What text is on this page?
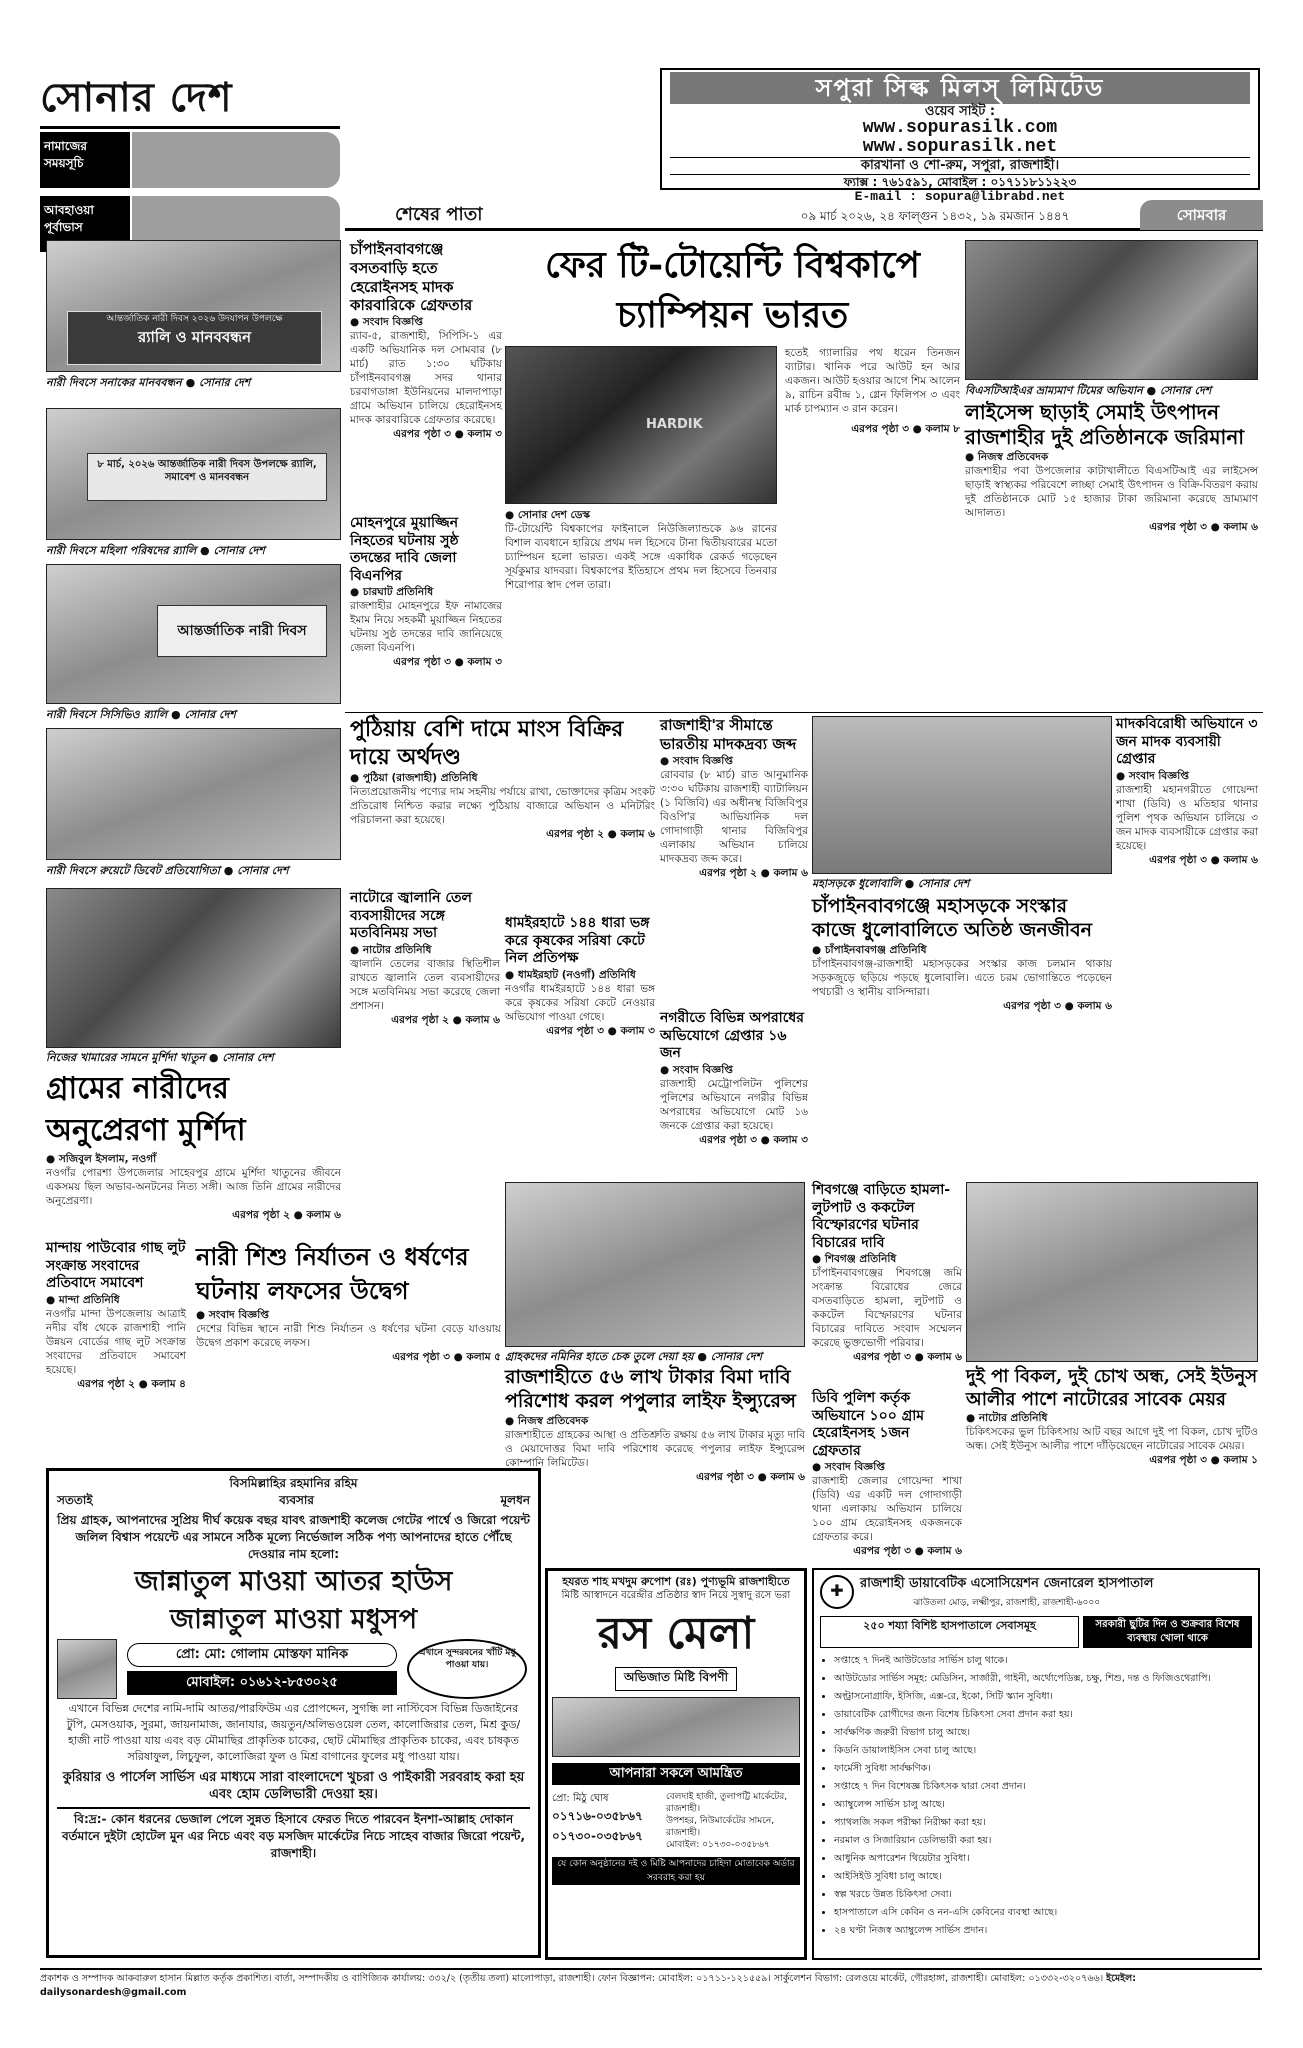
সোনার দেশ
নামাজের সময়সূচি
আবহাওয়া পূর্বাভাস
সপুরা সিল্ক মিলস্ লিমিটেড
ওয়েব সাইট :
www.sopurasilk.com
www.sopurasilk.net
কারখানা ও শো-রুম, সপুরা, রাজশাহী।
ফ্যাক্স : ৭৬১৫৯১, মোবাইল : ০১৭১১৮১১২২৩
E-mail : sopura@librabd.net
শেষের পাতা	০৯ মার্চ ২০২৬, ২৪ ফাল্গুন ১৪৩২, ১৯ রমজান ১৪৪৭	সোমবার
আন্তর্জাতিক নারী দিবস ২০২৬ উদযাপন উপলক্ষে
র‌্যালি ও মানববন্ধন
নারী দিবসে সনাকের মানববন্ধন ● সোনার দেশ
৮ মার্চ, ২০২৬ আন্তর্জাতিক নারী দিবস উপলক্ষে র‌্যালি, সমাবেশ ও মানববন্ধন
নারী দিবসে মহিলা পরিষদের র‌্যালি ● সোনার দেশ
আন্তর্জাতিক নারী দিবস
নারী দিবসে সিসিভিও র‌্যালি ● সোনার দেশ
নারী দিবসে রুয়েটে ডিবেট প্রতিযোগিতা ● সোনার দেশ
নিজের খামারের সামনে মুর্শিদা খাতুন ● সোনার দেশ
চাঁপাইনবাবগঞ্জে বসতবাড়ি হতে হেরোইনসহ মাদক কারবারিকে গ্রেফতার
● সংবাদ বিজ্ঞপ্তি
র‌্যাব-৫, রাজশাহী, সিপিসি-১ এর একটি অভিযানিক দল সোমবার (৮ মার্চ) রাত ১:৩০ ঘটিকায় চাঁপাইনবাবগঞ্জ সদর থানার চরবাগডাঙ্গা ইউনিয়নের মালদাপাড়া গ্রামে অভিযান চালিয়ে হেরোইনসহ মাদক কারবারিকে গ্রেফতার করেছে।
এরপর পৃষ্ঠা ৩ ● কলাম ৩
মোহনপুরে মুয়াজ্জিন নিহতের ঘটনায় সুষ্ঠ তদন্তের দাবি জেলা বিএনপির
● চারঘাট প্রতিনিধি
রাজশাহীর মোহনপুরে ইফ নামাজের ইমাম নিয়ে সহকর্মী মুয়াজ্জিন নিহতের ঘটনায় সুষ্ঠ তদন্তের দাবি জানিয়েছে জেলা বিএনপি।
এরপর পৃষ্ঠা ৩ ● কলাম ৩
ফের টি-টোয়েন্টি বিশ্বকাপে
চ্যাম্পিয়ন ভারত
HARDIK
● সোনার দেশ ডেস্ক
টি-টোয়েন্টি বিশ্বকাপের ফাইনালে নিউজিল্যান্ডকে ৯৬ রানের বিশাল ব্যবধানে হারিয়ে প্রথম দল হিসেবে টানা দ্বিতীয়বারের মতো চ্যাম্পিয়ন হলো ভারত। একই সঙ্গে একাধিক রেকর্ড গড়েছেন সূর্যকুমার যাদবরা। বিশ্বকাপের ইতিহাসে প্রথম দল হিসেবে তিনবার শিরোপার স্বাদ পেল তারা।
হতেই গ্যালারির পথ ধরেন তিনজন ব্যাটার। খানিক পরে আউট হন আর একজন। আউট হওয়ার আগে শিম আলেন ৯, রাচিন রবীন্দ্র ১, গ্লেন ফিলিপস ৩ এবং মার্ক চাপম্যান ৩ রান করেন।
এরপর পৃষ্ঠা ৩ ● কলাম ৮
বিএসটিআইএর ভ্রাম্যমাণ টিমের অভিযান ● সোনার দেশ
লাইসেন্স ছাড়াই সেমাই উৎপাদন
রাজশাহীর দুই প্রতিষ্ঠানকে জরিমানা
● নিজস্ব প্রতিবেদক
রাজশাহীর পবা উপজেলার কাটাখালীতে বিএসটিআই এর লাইসেন্স ছাড়াই স্বাস্থ্যকর পরিবেশে লাচ্ছা সেমাই উৎপাদন ও বিক্রি-বিতরণ করায় দুই প্রতিষ্ঠানকে মোট ১৫ হাজার টাকা জরিমানা করেছে ভ্রাম্যমাণ আদালত।
এরপর পৃষ্ঠা ৩ ● কলাম ৬
পুঠিয়ায় বেশি দামে মাংস বিক্রির দায়ে অর্থদণ্ড
● পুঠিয়া (রাজশাহী) প্রতিনিধি
নিত্যপ্রয়োজনীয় পণ্যের দাম সহনীয় পর্যায়ে রাখা, ভোক্তাদের কৃত্রিম সংকট প্রতিরোধ নিশ্চিত করার লক্ষ্যে পুঠিয়ায় বাজারে অভিযান ও মনিটরিং পরিচালনা করা হয়েছে।
এরপর পৃষ্ঠা ২ ● কলাম ৬
রাজশাহী'র সীমান্তে ভারতীয় মাদকদ্রব্য জব্দ
● সংবাদ বিজ্ঞপ্তি
রোববার (৮ মার্চ) রাত আনুমানিক ৩:৩০ ঘটিকায় রাজশাহী ব্যাটালিয়ন (১ বিজিবি) এর অধীনস্থ বিজিবিপুর বিওপি'র আভিযানিক দল গোদাগাড়ী থানার বিজিবিপুর এলাকায় অভিযান চালিয়ে মাদকদ্রব্য জব্দ করে।
এরপর পৃষ্ঠা ২ ● কলাম ৬
মহাসড়কে ধুলোবালি ● সোনার দেশ
চাঁপাইনবাবগঞ্জে মহাসড়কে সংস্কার কাজে ধুলোবালিতে অতিষ্ঠ জনজীবন
● চাঁপাইনবাবগঞ্জ প্রতিনিধি
চাঁপাইনবাবগঞ্জ-রাজশাহী মহাসড়কের সংস্কার কাজ চলমান থাকায় সড়কজুড়ে ছড়িয়ে পড়ছে ধুলোবালি। এতে চরম ভোগান্তিতে পড়েছেন পথচারী ও স্থানীয় বাসিন্দারা।
এরপর পৃষ্ঠা ৩ ● কলাম ৬
মাদকবিরোধী অভিযানে ৩ জন মাদক ব্যবসায়ী গ্রেপ্তার
● সংবাদ বিজ্ঞপ্তি
রাজশাহী মহানগরীতে গোয়েন্দা শাখা (ডিবি) ও মতিহার থানার পুলিশ পৃথক অভিযান চালিয়ে ৩ জন মাদক ব্যবসায়ীকে গ্রেপ্তার করা হয়েছে।
এরপর পৃষ্ঠা ৩ ● কলাম ৬
নাটোরে জ্বালানি তেল ব্যবসায়ীদের সঙ্গে মতবিনিময় সভা
● নাটোর প্রতিনিধি
জ্বালানি তেলের বাজার স্থিতিশীল রাখতে জ্বালানি তেল ব্যবসায়ীদের সঙ্গে মতবিনিময় সভা করেছে জেলা প্রশাসন।
এরপর পৃষ্ঠা ২ ● কলাম ৬
ধামইরহাটে ১৪৪ ধারা ভঙ্গ করে কৃষকের সরিষা কেটে নিল প্রতিপক্ষ
● ধামইরহাট (নওগাঁ) প্রতিনিধি
নওগাঁর ধামইরহাটে ১৪৪ ধারা ভঙ্গ করে কৃষকের সরিষা কেটে নেওয়ার অভিযোগ পাওয়া গেছে।
এরপর পৃষ্ঠা ৩ ● কলাম ৩
নগরীতে বিভিন্ন অপরাধের অভিযোগে গ্রেপ্তার ১৬ জন
● সংবাদ বিজ্ঞপ্তি
রাজশাহী মেট্রোপলিটন পুলিশের পুলিশের অভিযানে নগরীর বিভিন্ন অপরাধের অভিযোগে মোট ১৬ জনকে গ্রেপ্তার করা হয়েছে।
এরপর পৃষ্ঠা ৩ ● কলাম ৩
গ্রামের নারীদের অনুপ্রেরণা মুর্শিদা
● সজিবুল ইসলাম, নওগাঁ
নওগাঁর পোরশা উপজেলার সাহেবপুর গ্রামে মুর্শিদা খাতুনের জীবনে একসময় ছিল অভাব-অনটনের নিত্য সঙ্গী। আজ তিনি গ্রামের নারীদের অনুপ্রেরণা।
এরপর পৃষ্ঠা ২ ● কলাম ৬
মান্দায় পাউবোর গাছ লুট সংক্রান্ত সংবাদের প্রতিবাদে সমাবেশ
● মান্দা প্রতিনিধি
নওগাঁর মান্দা উপজেলায় আত্রাই নদীর বাঁধ থেকে রাজশাহী পানি উন্নয়ন বোর্ডের গাছ লুট সংক্রান্ত সংবাদের প্রতিবাদে সমাবেশ হয়েছে।
এরপর পৃষ্ঠা ২ ● কলাম ৪
নারী শিশু নির্যাতন ও ধর্ষণের ঘটনায় লফসের উদ্বেগ
● সংবাদ বিজ্ঞপ্তি
দেশের বিভিন্ন স্থানে নারী শিশু নির্যাতন ও ধর্ষণের ঘটনা বেড়ে যাওয়ায় উদ্বেগ প্রকাশ করেছে লফস।
এরপর পৃষ্ঠা ৩ ● কলাম ৫ গ্রাহকদের নমিনির হাতে চেক তুলে দেয়া হয় ● সোনার দেশ
রাজশাহীতে ৫৬ লাখ টাকার বিমা দাবি পরিশোধ করল পপুলার লাইফ ইন্স্যুরেন্স
● নিজস্ব প্রতিবেদক
রাজশাহীতে গ্রাহকের আস্থা ও প্রতিশ্রুতি রক্ষায় ৫৬ লাখ টাকার মৃত্যু দাবি ও মেয়াদোত্তর বিমা দাবি পরিশোধ করেছে পপুলার লাইফ ইন্স্যুরেন্স কোম্পানি লিমিটেড।
এরপর পৃষ্ঠা ৩ ● কলাম ৬
শিবগঞ্জে বাড়িতে হামলা-লুটপাট ও ককটেল বিস্ফোরণের ঘটনার বিচারের দাবি
● শিবগঞ্জ প্রতিনিধি
চাঁপাইনবাবগঞ্জের শিবগঞ্জে জমি সংক্রান্ত বিরোধের জেরে বসতবাড়িতে হামলা, লুটপাট ও ককটেল বিস্ফোরণের ঘটনার বিচারের দাবিতে সংবাদ সম্মেলন করেছে ভুক্তভোগী পরিবার।
এরপর পৃষ্ঠা ৩ ● কলাম ৬
ডিবি পুলিশ কর্তৃক অভিযানে ১০০ গ্রাম হেরোইনসহ ১জন গ্রেফতার
● সংবাদ বিজ্ঞপ্তি
রাজশাহী জেলার গোয়েন্দা শাখা (ডিবি) এর একটি দল গোদাগাড়ী থানা এলাকায় অভিযান চালিয়ে ১০০ গ্রাম হেরোইনসহ একজনকে গ্রেফতার করে।
এরপর পৃষ্ঠা ৩ ● কলাম ৬
দুই পা বিকল, দুই চোখ অন্ধ, সেই ইউনুস আলীর পাশে নাটোরের সাবেক মেয়র
● নাটোর প্রতিনিধি
চিকিৎসকের ভুল চিকিৎসায় আট বছর আগে দুই পা বিকল, চোখ দুটিও অন্ধ। সেই ইউনুস আলীর পাশে দাঁড়িয়েছেন নাটোরের সাবেক মেয়র।
এরপর পৃষ্ঠা ৩ ● কলাম ১
বিসমিল্লাহির রহমানির রহিম
সততাই	ব্যবসার	মূলধন
প্রিয় গ্রাহক, আপনাদের সুপ্রিয় দীর্ঘ কয়েক বছর যাবৎ রাজশাহী কলেজ গেটের পার্শ্বে ও জিরো পয়েন্ট জলিল বিশ্বাস পয়েন্টে এর সামনে সঠিক মূল্যে নির্ভেজাল সঠিক পণ্য আপনাদের হাতে পৌঁছে দেওয়ার নাম হলো:
জান্নাতুল মাওয়া আতর হাউস
জান্নাতুল মাওয়া মধুসপ
প্রো: মো: গোলাম মোস্তফা মানিক
মোবাইল: ০১৬১২-৮৫৩০২৫
এখানে সুন্দরবনের খাঁটি মধু পাওয়া যায়।
এখানে বিভিন্ন দেশের নামি-দামি আতর/পারফিউম এর প্রোপদ্দেন, সুগন্ধি লা নাস্টিবেস বিভিন্ন ডিজাইনের টুপি, মেসওয়াক, সুরমা, জায়নামাজ, জানাযার, জয়তুন/অলিভওয়েল তেল, কালোজিরার তেল, মিশ্র কুড/হাজী নাট পাওয়া যায় এবং বড় মৌমাছির প্রাকৃতিক চাকের, ছোট মৌমাছির প্রাকৃতিক চাকের, এবং চাষকৃত সরিষাফুল, লিচুফুল, কালোজিরা ফুল ও মিশ্র বাগানের ফুলের মধু পাওয়া যায়।
কুরিয়ার ও পার্সেল সার্ভিস এর মাধ্যমে সারা বাংলাদেশে খুচরা ও পাইকারী সরবরাহ করা হয় এবং হোম ডেলিভারী দেওয়া হয়।
বি:দ্র:- কোন ধরনের ভেজাল পেলে সুন্নত হিসাবে ফেরত দিতে পারবেন ইনশা-আল্লাহ দোকান বর্তমানে দুইটা হোটেল মুন এর নিচে এবং বড় মসজিদ মার্কেটের নিচে সাহেব বাজার জিরো পয়েন্ট, রাজশাহী।
হযরত শাহ মখদুম রুপোশ (রঃ) পুণ্যভূমি রাজশাহীতে
মিষ্টি আস্বাদনে বরেন্দ্রীর প্রতিষ্ঠার স্বাদ নিয়ে সুস্বাদু রসে ভরা
রস মেলা
অভিজাত মিষ্টি বিপণী
আপনারা সকলে আমন্ত্রিত
প্রো: মিঠু ঘোষ
০১৭১৬-০৩৫৮৬৭
০১৭৩০-০৩৫৮৬৭
বেলদাই হাজী, তুলাপট্টি মার্কেটের, রাজশাহী।
উপশহর, নিউমার্কেটের সামনে, রাজশাহী।
মোবাইল: ০১৭৩০-০৩৫৮৬৭
যে কোন অনুষ্ঠানের দই ও মিষ্টি আপনাদের চাহিদা মোতাবেক অর্ডার সরবরাহ করা হয়
✚	রাজশাহী ডায়াবেটিক এসোসিয়েশন জেনারেল হাসপাতাল
ঝাউতলা মোড়, লক্ষ্মীপুর, রাজশাহী, রাজশাহী-৬০০০
২৫০ শয্যা বিশিষ্ট হাসপাতালে সেবাসমূহ	সরকারী ছুটির দিন ও শুক্রবার বিশেষ ব্যবস্থায় খোলা থাকে
• সপ্তাহে ৭ দিনই আউটডোর সার্ভিস চালু থাকে।
• আউটডোর সার্ভিস সমূহ: মেডিসিন, সার্জারী, গাইনী, অর্থোপেডিক্স, চক্ষু, শিশু, দন্ত ও ফিজিওথেরাপি।
• অল্ট্রাসনোগ্রাফি, ইসিজি, এক্স-রে, ইকো, সিটি স্ক্যান সুবিধা।
• ডায়াবেটিক রোগীদের জন্য বিশেষ চিকিৎসা সেবা প্রদান করা হয়।
• সার্বক্ষণিক জরুরী বিভাগ চালু আছে।
• কিডনি ডায়ালাইসিস সেবা চালু আছে।
• ফার্মেসী সুবিধা সার্বক্ষণিক।
• সপ্তাহে ৭ দিন বিশেষজ্ঞ চিকিৎসক দ্বারা সেবা প্রদান।
• অ্যাম্বুলেন্স সার্ভিস চালু আছে।
• প্যাথলজি সকল পরীক্ষা নিরীক্ষা করা হয়।
• নরমাল ও সিজারিয়ান ডেলিভারী করা হয়।
• আধুনিক অপারেশন থিয়েটার সুবিধা।
• আইসিইউ সুবিধা চালু আছে।
• স্বল্প খরচে উন্নত চিকিৎসা সেবা।
• হাসপাতালে এসি কেবিন ও নন-এসি কেবিনের ব্যবস্থা আছে।
• ২৪ ঘণ্টা নিজস্ব অ্যাম্বুলেন্স সার্ভিস প্রদান।
প্রকাশক ও সম্পাদক আকবারুল হাসান মিল্লাত কর্তৃক প্রকাশিত। বার্তা, সম্পাদকীয় ও বাণিজ্যিক কার্যালয়: ৩৩২/২ (তৃতীয় তলা) মালোপাড়া, রাজশাহী। ফোন বিজ্ঞাপন: মোবাইল: ০১৭১১-১২১৫৫৯। সার্কুলেশন বিভাগ: রেলওয়ে মার্কেট, গৌরহাঙ্গা, রাজশাহী। মোবাইল: ০১৩৩২-৩২০৭৬৬। ইমেইল: dailysonardesh@gmail.com
